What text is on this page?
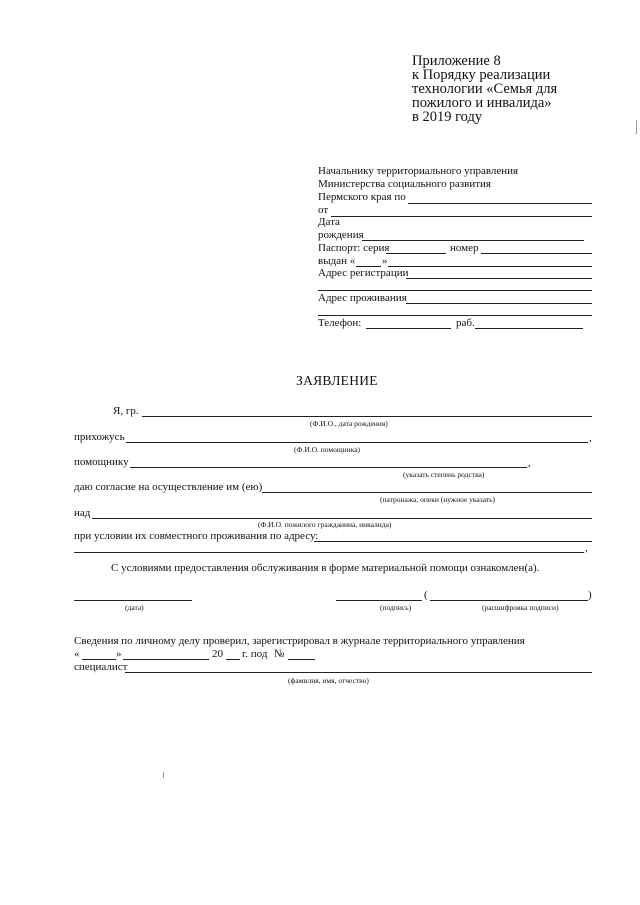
Приложение 8
к Порядку реализации
технологии «Семья для
пожилого и инвалида»
в 2019 году
Начальнику территориального управления
Министерства социального развития
Пермского края по
от
Дата
рождения
Паспорт: серия	номер
выдан « »
Адрес регистрации
Адрес проживания
Телефон:	раб.
ЗАЯВЛЕНИЕ
Я, гр.
(Ф.И.О., дата рождения)
прихожусь	,
(Ф.И.О. помощника)
помощнику	,
(указать степень родства)
даю согласие на осуществление им (ею)
(патронажа, опеки (нужное указать)
над
(Ф.И.О. пожилого гражданина, инвалида)
при условии их совместного проживания по адресу:
,
С условиями предоставления обслуживания в форме материальной помощи ознакомлен(а).
(дата)
(	)
(подпись)	(расшифровка подписи)
Сведения по личному делу проверил, зарегистрировал в журнале территориального управления
«	»	20 г. под №
специалист
(фамилия, имя, отчество)
